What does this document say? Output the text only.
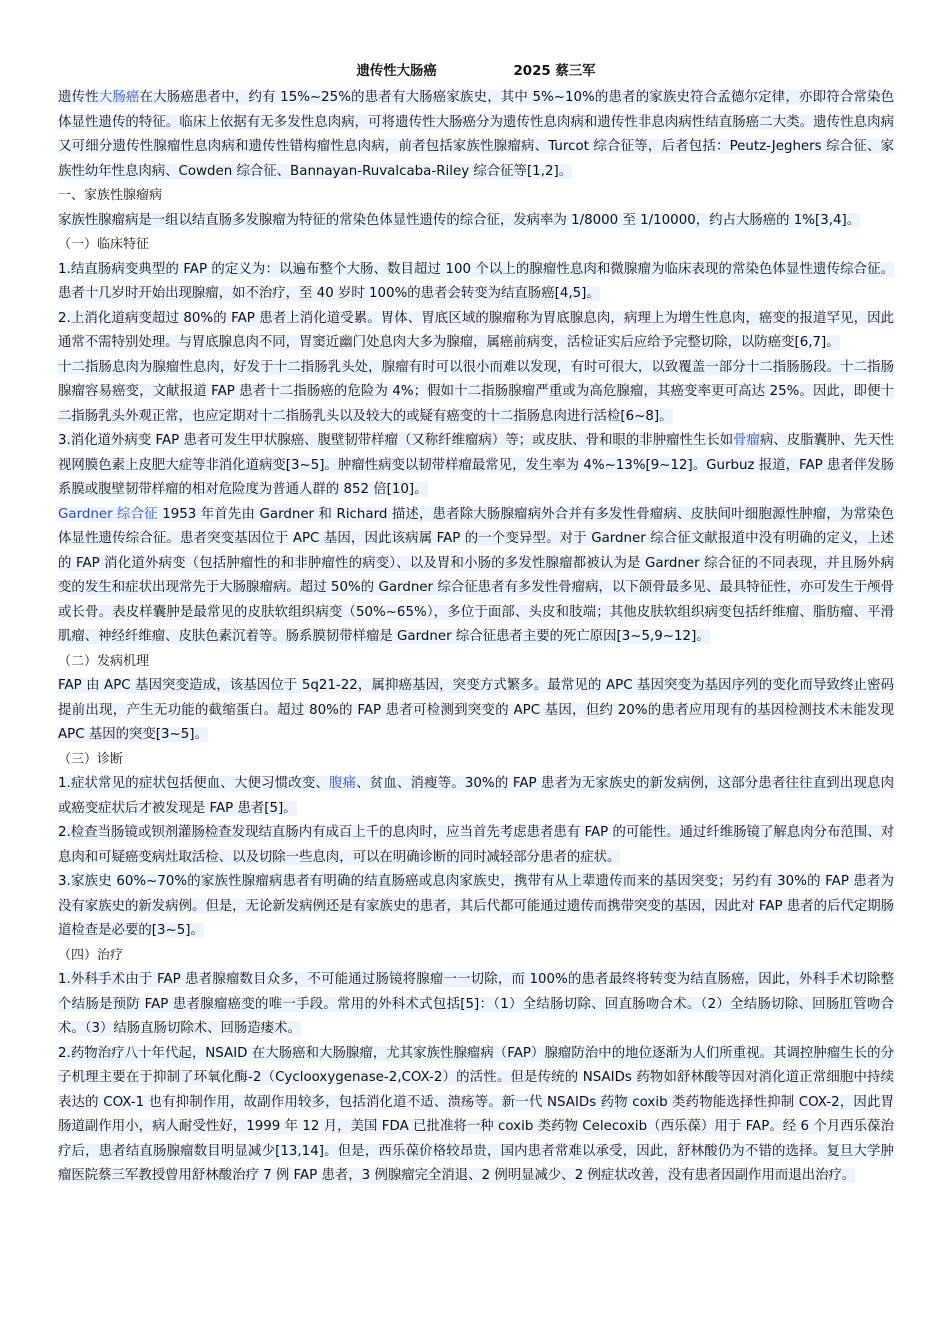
遗传性大肠癌	2025 蔡三军

遗传性大肠癌在大肠癌患者中，约有 15%~25%的患者有大肠癌家族史，其中 5%~10%的患者的家族史符合孟德尔定律，亦即符合常染色体显性遗传的特征。临床上依据有无多发性息肉病，可将遗传性大肠癌分为遗传性息肉病和遗传性非息肉病性结直肠癌二大类。遗传性息肉病又可细分遗传性腺瘤性息肉病和遗传性错构瘤性息肉病，前者包括家族性腺瘤病、Turcot 综合征等，后者包括：Peutz-Jeghers 综合征、家族性幼年性息肉病、Cowden 综合征、Bannayan-Ruvalcaba-Riley 综合征等[1,2]。

一、家族性腺瘤病

家族性腺瘤病是一组以结直肠多发腺瘤为特征的常染色体显性遗传的综合征，发病率为 1/8000 至 1/10000，约占大肠癌的 1%[3,4]。

（一）临床特征

1.结直肠病变典型的 FAP 的定义为：以遍布整个大肠、数目超过 100 个以上的腺瘤性息肉和微腺瘤为临床表现的常染色体显性遗传综合征。患者十几岁时开始出现腺瘤，如不治疗，至 40 岁时 100%的患者会转变为结直肠癌[4,5]。

2.上消化道病变超过 80%的 FAP 患者上消化道受累。胃体、胃底区域的腺瘤称为胃底腺息肉，病理上为增生性息肉，癌变的报道罕见，因此通常不需特别处理。与胃底腺息肉不同，胃窦近幽门处息肉大多为腺瘤，属癌前病变，活检证实后应给予完整切除，以防癌变[6,7]。

十二指肠息肉为腺瘤性息肉，好发于十二指肠乳头处，腺瘤有时可以很小而难以发现，有时可很大，以致覆盖一部分十二指肠肠段。十二指肠腺瘤容易癌变，文献报道 FAP 患者十二指肠癌的危险为 4%；假如十二指肠腺瘤严重或为高危腺瘤，其癌变率更可高达 25%。因此，即便十二指肠乳头外观正常，也应定期对十二指肠乳头以及较大的或疑有癌变的十二指肠息肉进行活检[6~8]。

3.消化道外病变 FAP 患者可发生甲状腺癌、腹壁韧带样瘤（又称纤维瘤病）等；或皮肤、骨和眼的非肿瘤性生长如骨瘤病、皮脂囊肿、先天性视网膜色素上皮肥大症等非消化道病变[3~5]。肿瘤性病变以韧带样瘤最常见，发生率为 4%~13%[9~12]。Gurbuz 报道，FAP 患者伴发肠系膜或腹壁韧带样瘤的相对危险度为普通人群的 852 倍[10]。

Gardner 综合征 1953 年首先由 Gardner 和 Richard 描述，患者除大肠腺瘤病外合并有多发性骨瘤病、皮肤间叶细胞源性肿瘤，为常染色体显性遗传综合征。患者突变基因位于 APC 基因，因此该病属 FAP 的一个变异型。对于 Gardner 综合征文献报道中没有明确的定义，上述的 FAP 消化道外病变（包括肿瘤性的和非肿瘤性的病变）、以及胃和小肠的多发性腺瘤都被认为是 Gardner 综合征的不同表现，并且肠外病变的发生和症状出现常先于大肠腺瘤病。超过 50%的 Gardner 综合征患者有多发性骨瘤病，以下颌骨最多见、最具特征性，亦可发生于颅骨或长骨。表皮样囊肿是最常见的皮肤软组织病变（50%~65%），多位于面部、头皮和肢端；其他皮肤软组织病变包括纤维瘤、脂肪瘤、平滑肌瘤、神经纤维瘤、皮肤色素沉着等。肠系膜韧带样瘤是 Gardner 综合征患者主要的死亡原因[3~5,9~12]。

（二）发病机理

FAP 由 APC 基因突变造成，该基因位于 5q21-22，属抑癌基因，突变方式繁多。最常见的 APC 基因突变为基因序列的变化而导致终止密码提前出现，产生无功能的截缩蛋白。超过 80%的 FAP 患者可检测到突变的 APC 基因，但约 20%的患者应用现有的基因检测技术未能发现 APC 基因的突变[3~5]。

（三）诊断

1.症状常见的症状包括便血、大便习惯改变、腹痛、贫血、消瘦等。30%的 FAP 患者为无家族史的新发病例，这部分患者往往直到出现息肉或癌变症状后才被发现是 FAP 患者[5]。

2.检查当肠镜或钡剂灌肠检查发现结直肠内有成百上千的息肉时，应当首先考虑患者患有 FAP 的可能性。通过纤维肠镜了解息肉分布范围、对息肉和可疑癌变病灶取活检、以及切除一些息肉，可以在明确诊断的同时减轻部分患者的症状。

3.家族史 60%~70%的家族性腺瘤病患者有明确的结直肠癌或息肉家族史，携带有从上辈遗传而来的基因突变；另约有 30%的 FAP 患者为没有家族史的新发病例。但是，无论新发病例还是有家族史的患者，其后代都可能通过遗传而携带突变的基因，因此对 FAP 患者的后代定期肠道检查是必要的[3~5]。

（四）治疗

1.外科手术由于 FAP 患者腺瘤数目众多，不可能通过肠镜将腺瘤一一切除，而 100%的患者最终将转变为结直肠癌，因此，外科手术切除整个结肠是预防 FAP 患者腺瘤癌变的唯一手段。常用的外科术式包括[5]：（1）全结肠切除、回直肠吻合术。（2）全结肠切除、回肠肛管吻合术。（3）结肠直肠切除术、回肠造瘘术。

2.药物治疗八十年代起，NSAID 在大肠癌和大肠腺瘤，尤其家族性腺瘤病（FAP）腺瘤防治中的地位逐渐为人们所重视。其调控肿瘤生长的分子机理主要在于抑制了环氧化酶-2（Cyclooxygenase-2,COX-2）的活性。但是传统的 NSAIDs 药物如舒林酸等因对消化道正常细胞中持续表达的 COX-1 也有抑制作用，故副作用较多，包括消化道不适、溃疡等。新一代 NSAIDs 药物 coxib 类药物能选择性抑制 COX-2，因此胃肠道副作用小，病人耐受性好，1999 年 12 月，美国 FDA 已批准将一种 coxib 类药物 Celecoxib（西乐葆）用于 FAP。经 6 个月西乐葆治疗后，患者结直肠腺瘤数目明显减少[13,14]。但是，西乐葆价格较昂贵，国内患者常难以承受，因此，舒林酸仍为不错的选择。复旦大学肿瘤医院蔡三军教授曾用舒林酸治疗 7 例 FAP 患者，3 例腺瘤完全消退、2 例明显减少、2 例症状改善，没有患者因副作用而退出治疗。
